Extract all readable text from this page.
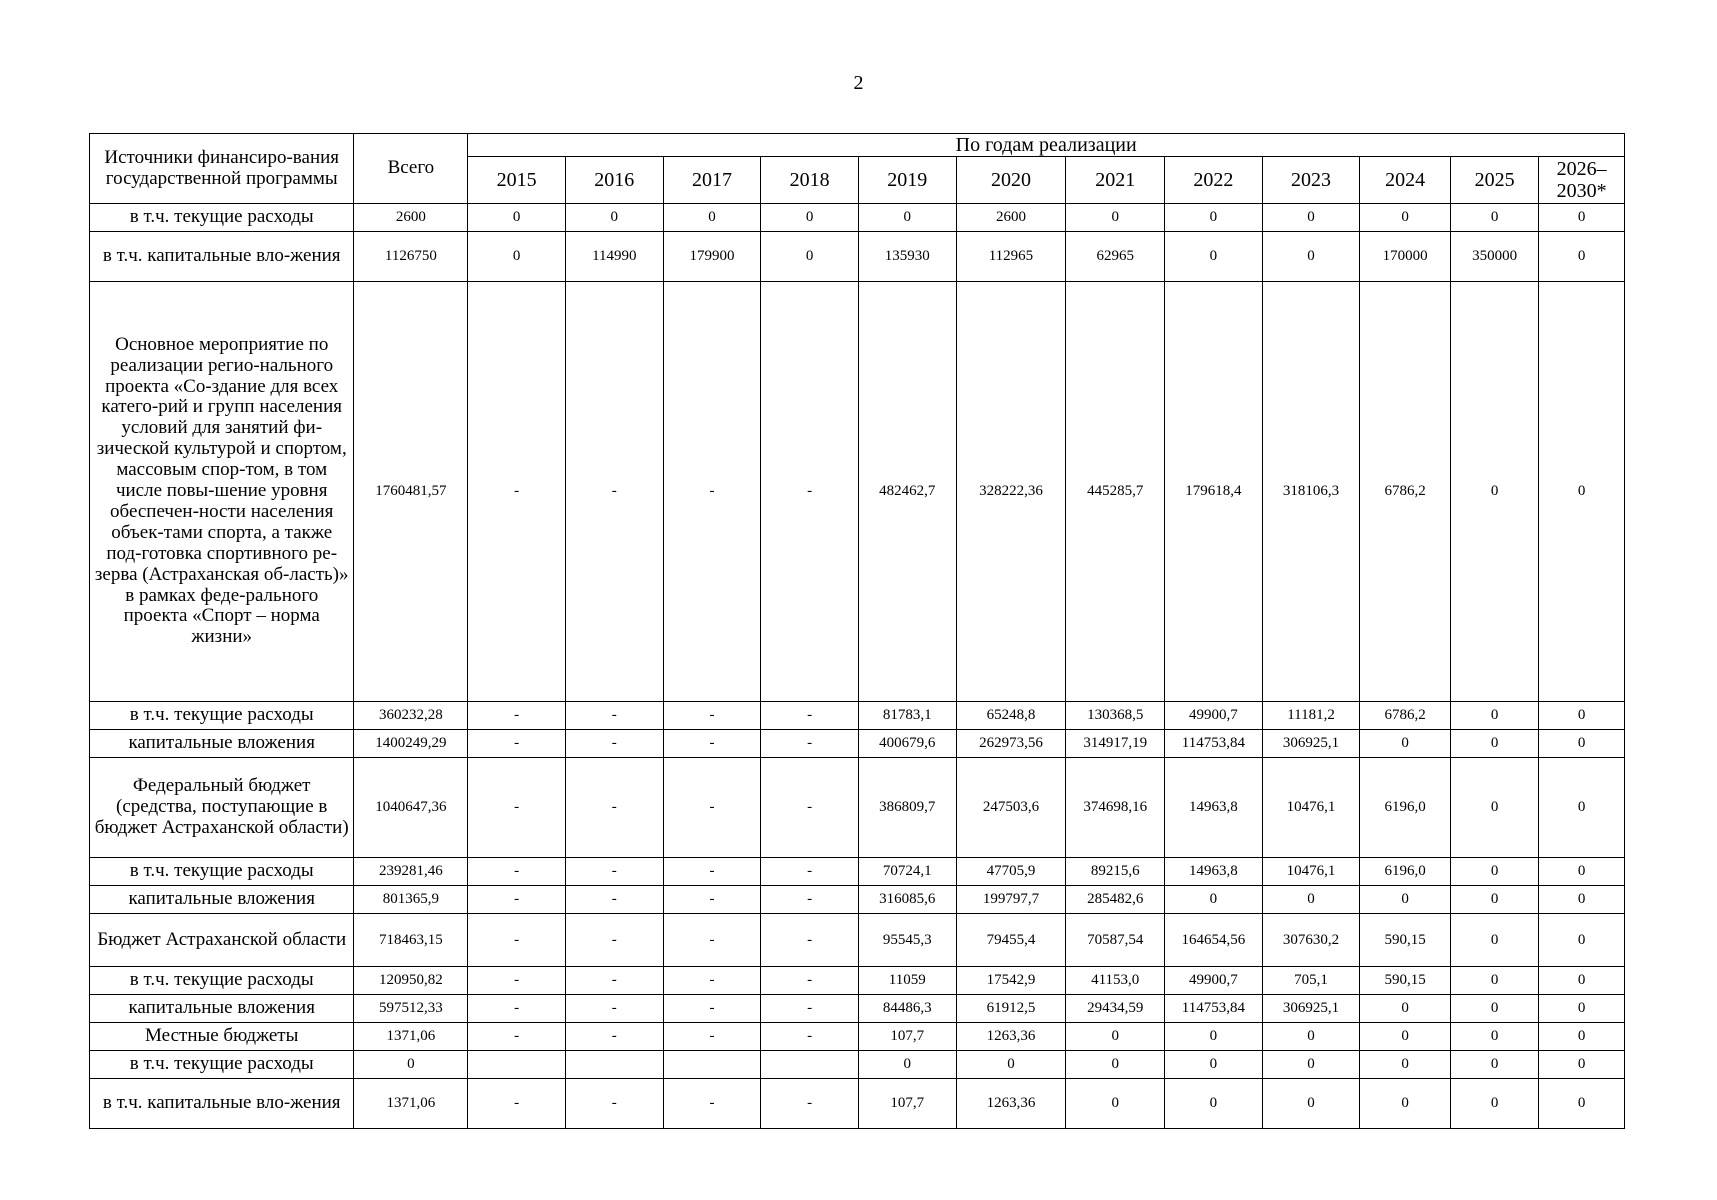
2
Источники финансиро-вания государственной программы	Всего	По годам реализации											
		2015	2016	2017	2018	2019	2020	2021	2022	2023	2024	2025	2026–2030*
в т.ч. текущие расходы	2600	0	0	0	0	0	2600	0	0	0	0	0	0
в т.ч. капитальные вло-жения	1126750	0	114990	179900	0	135930	112965	62965	0	0	170000	350000	0
Основное мероприятие по реализации регио-нального проекта «Со-здание для всех катего-рий и групп населения условий для занятий фи-зической культурой и спортом, массовым спор-том, в том числе повы-шение уровня обеспечен-ности населения объек-тами спорта, а также под-готовка спортивного ре-зерва (Астраханская об-ласть)» в рамках феде-рального проекта «Спорт – норма жизни»	1760481,57	-	-	-	-	482462,7	328222,36	445285,7	179618,4	318106,3	6786,2	0	0
в т.ч. текущие расходы	360232,28	-	-	-	-	81783,1	65248,8	130368,5	49900,7	11181,2	6786,2	0	0
капитальные вложения	1400249,29	-	-	-	-	400679,6	262973,56	314917,19	114753,84	306925,1	0	0	0
Федеральный бюджет (средства, поступающие в бюджет Астраханской области)	1040647,36	-	-	-	-	386809,7	247503,6	374698,16	14963,8	10476,1	6196,0	0	0
в т.ч. текущие расходы	239281,46	-	-	-	-	70724,1	47705,9	89215,6	14963,8	10476,1	6196,0	0	0
капитальные вложения	801365,9	-	-	-	-	316085,6	199797,7	285482,6	0	0	0	0	0
Бюджет Астраханской области	718463,15	-	-	-	-	95545,3	79455,4	70587,54	164654,56	307630,2	590,15	0	0
в т.ч. текущие расходы	120950,82	-	-	-	-	11059	17542,9	41153,0	49900,7	705,1	590,15	0	0
капитальные вложения	597512,33	-	-	-	-	84486,3	61912,5	29434,59	114753,84	306925,1	0	0	0
Местные бюджеты	1371,06	-	-	-	-	107,7	1263,36	0	0	0	0	0	0
в т.ч. текущие расходы	0					0	0	0	0	0	0	0	0
в т.ч. капитальные вло-жения	1371,06	-	-	-	-	107,7	1263,36	0	0	0	0	0	0
